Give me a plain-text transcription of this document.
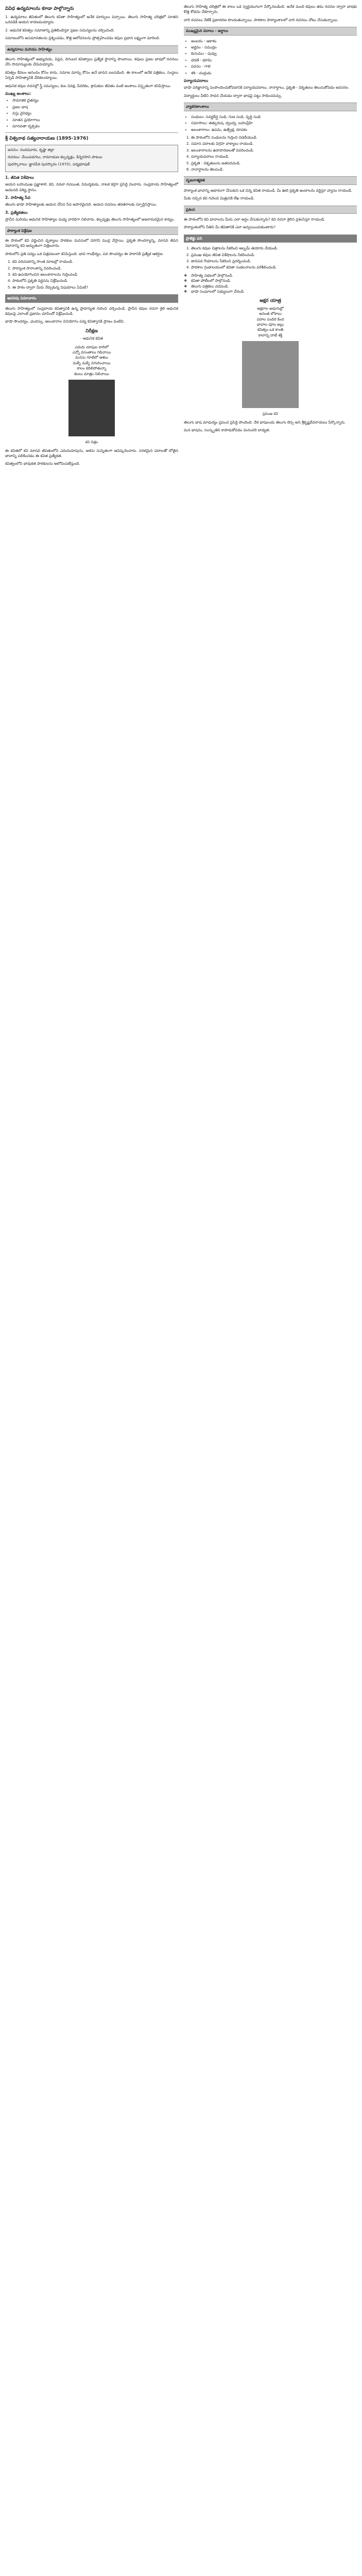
వివిధ ఉద్యమాలను కూడా పాల్గొన్నారు

1. ఉద్యమాలు జీవితంలో తెలుగు కవితా సాహిత్యంలో అనేక మార్పులు వచ్చాయి. తెలుగు సాహిత్య చరిత్రలో నూతన ఒరవడికి ఆయన కారణమయ్యారు.

2. ఆధునిక కవిత్వం సమాజాన్ని ప్రతిబింబిస్తూ ప్రజల సమస్యలను చర్చించింది.

సమాజంలోని అసమానతలను ప్రశ్నించడం, కొత్త ఆలోచనలను ప్రోత్సహించడం కవుల ప్రధాన లక్ష్యంగా మారింది.

ఉద్యమాలు మరియు సాహిత్యం

తెలుగు సాహిత్యంలో అభ్యుదయ, విప్లవ, దిగంబర కవిత్వాలు ప్రత్యేక స్థానాన్ని పొందాయి. కవులు ప్రజల భాషలో రచనలు చేసి సామాన్యులకు చేరువయ్యారు.

కవిత్వం కేవలం ఆనందం కోసం కాదు, సమాజ మార్పు కోసం అనే భావన బలపడింది. ఈ కాలంలో అనేక పత్రికలు, సంస్థలు ఏర్పడి సాహిత్యానికి వేదికలయ్యాయి.

ఆధునిక కవుల రచనల్లో స్త్రీ సమస్యలు, కుల వివక్ష, పేదరికం, శ్రామికుల జీవితం వంటి అంశాలు విస్తృతంగా కనిపిస్తాయి.

ముఖ్య అంశాలు:
• సామాజిక చైతన్యం
• ప్రజల భాష
• వస్తు వైవిధ్యం
• నూతన ప్రయోగాలు
• మానవతా దృక్పథం
శ్రీ విశ్వనాథ సత్యనారాయణ (1895-1976)
జననం: నందమూరు, కృష్ణా జిల్లా
రచనలు: వేయిపడగలు, రామాయణ కల్పవృక్షం, కిన్నెరసాని పాటలు
పురస్కారాలు: జ్ఞానపీఠ పురస్కారం (1970), పద్మభూషణ్
1. జీవిత విశేషాలు

ఆయన బహుముఖ ప్రజ్ఞాశాలి. కవి, నవలా రచయిత, విమర్శకుడు, నాటక కర్తగా ప్రసిద్ధి చెందారు. సంప్రదాయ సాహిత్యంలో ఆయనది విశిష్ట స్థానం.

2. సాహిత్య సేవ

తెలుగు భాషా సాహిత్యాలకు ఆయన చేసిన సేవ అపారమైనది. ఆయన రచనలు తరతరాలకు స్ఫూర్తినిస్తాయి.

3. ప్రత్యేకతలు

ప్రాచీన మరియు ఆధునిక సాహిత్యాల మధ్య వారధిగా నిలిచారు. కల్పవృక్షం తెలుగు సాహిత్యంలో అజరామరమైన కావ్యం.

పాఠ్యాంశ విశ్లేషణ

ఈ పాఠంలో కవి వర్ణించిన దృశ్యాలు పాఠకుల మనసులో చెరగని ముద్ర వేస్తాయి. ప్రకృతి సౌందర్యాన్ని, మానవ జీవన విధానాన్ని కవి అద్భుతంగా చిత్రించారు.

పాఠంలోని ప్రతి పద్యం ఒక చిత్రపటంలా కనిపిస్తుంది. భావ గాంభీర్యం, పద సౌందర్యం ఈ పాఠానికి ప్రత్యేక ఆకర్షణ.

1. కవి పరిచయాన్ని సొంత మాటల్లో రాయండి.
2. పాఠ్యాంశ సారాంశాన్ని వివరించండి.
3. కవి ఉపయోగించిన అలంకారాలను గుర్తించండి.
4. పాఠంలోని ప్రకృతి వర్ణనను విశ్లేషించండి.
5. ఈ పాఠం ద్వారా మీరు నేర్చుకున్న విషయాలు ఏమిటి?
అదనపు సమాచారం

తెలుగు సాహిత్యంలో సంప్రదాయ కవిత్వానికి ఉన్న ప్రాధాన్యత గురించి చర్చించండి. ప్రాచీన కవుల రచనా శైలి ఆధునిక కవులపై ఎలాంటి ప్రభావం చూపిందో విశ్లేషించండి.

భాషా సౌందర్యం, ఛందస్సు, అలంకారాల వినియోగం పద్య కవిత్వానికి ప్రాణం వంటివి.

నిరీక్షణ
- ఆధునిక కవిత
ఎదురు చూపుల దారిలో
ఎన్నో వసంతాలు గడిచాయి
మనసు గూటిలో ఆశలు
మళ్ళీ మళ్ళీ చిగురించాయి
కాలం కదిలిపోతున్నా
కలలు మాత్రం నిలిచాయి
కవి చిత్రం

ఈ కవితలో కవి మానవ జీవితంలోని ఎదురుచూపును, ఆశను సున్నితంగా ఆవిష్కరించారు. సరళమైన పదాలతో లోతైన భావాన్ని పలికించడం ఈ కవిత ప్రత్యేకత.

కవిత్వంలోని భావుకత పాఠకులను ఆలోచింపజేస్తుంది.

తెలుగు సాహిత్య చరిత్రలో ఈ కాలం ఒక స్వర్ణయుగంగా పేర్కొనబడింది. అనేక మంది కవులు తమ రచనల ద్వారా భాషకు కొత్త శోభను చేకూర్చారు.

వారి రచనలు నేటికీ ప్రజాదరణ పొందుతున్నాయి. పాఠశాల పాఠ్యాంశాలలో వారి రచనలు చోటు చేసుకున్నాయి.

ముఖ్యమైన పదాలు - అర్థాలు
• అంబరం - ఆకాశం
• అర్ణవం - సముద్రం
• కుసుమం - పువ్వు
• ధరణి - భూమి
• పవనం - గాలి
• శశి - చంద్రుడు
పర్యాయపదాలు

భాషా పరిజ్ఞానాన్ని పెంపొందించుకోవడానికి పర్యాయపదాలు, నానార్థాలు, ప్రకృతి - వికృతులు తెలుసుకోవడం అవసరం.

విద్యార్థులు వీటిని సాధన చేయడం ద్వారా భాషపై పట్టు సాధించవచ్చు.

వ్యాకరణాంశాలు
• సంధులు: సవర్ణదీర్ఘ సంధి, గుణ సంధి, వృద్ధి సంధి
• సమాసాలు: తత్పురుష, ద్వంద్వ, బహువ్రీహి
• అలంకారాలు: ఉపమ, ఉత్ప్రేక్ష, రూపకం
1. ఈ పాఠంలోని సంధులను గుర్తించి విడదీయండి.
2. సమాస పదాలకు విగ్రహ వాక్యాలు రాయండి.
3. అలంకారాలను ఉదాహరణలతో వివరించండి.
4. పర్యాయపదాలు రాయండి.
5. ప్రకృతి - వికృతులను జతపరచండి.
6. నానార్థాలను తెలపండి.
సృజనాత్మకత

పాఠ్యాంశ భావాన్ని ఆధారంగా చేసుకుని ఒక చిన్న కవిత రాయండి. మీ ఊరి ప్రకృతి అందాలను వర్ణిస్తూ వ్యాసం రాయండి.

మీకు నచ్చిన కవి గురించి మిత్రునికి లేఖ రాయండి.

ప్రశంస

ఈ పాఠంలోని కవి భావాలను మీరు ఎలా అర్థం చేసుకున్నారు? కవి రచనా శైలిని ప్రశంసిస్తూ రాయండి.

పాఠ్యాంశంలోని నీతిని మీ జీవితానికి ఎలా అన్వయించుకుంటారు?

ప్రాజెక్టు పని
1. తెలుగు కవుల చిత్రాలను సేకరించి ఆల్బమ్ తయారు చేయండి.
2. ప్రముఖ కవుల జీవిత విశేషాలను సేకరించండి.
3. జానపద గేయాలను సేకరించి ప్రదర్శించండి.
4. పాఠశాల గ్రంథాలయంలో కవితా సంకలనాలను పరిశీలించండి.
❖	సాహిత్య సభలలో పాల్గొనండి.
❖	కవితా పోటీలలో పాల్గొనండి.
❖	తెలుగు పత్రికలు చదవండి.
❖	భాషా సంఘాలలో సభ్యులుగా చేరండి.
అక్షర యాత్ర
అక్షరాల అడుగుల్లో
అనంత లోకాలు
పదాల పందిరి కింద
భావాల పూల జల్లు
కవిత్వం ఒక కాంతి
కాలాన్ని దాటే శక్తి
ప్రముఖ కవి

తెలుగు భాష మాధుర్యం ప్రపంచ ప్రసిద్ధి పొందింది. దేశ భాషలందు తెలుగు లెస్స అని శ్రీకృష్ణదేవరాయలు పేర్కొన్నారు.

మన భాషను, సంస్కృతిని కాపాడుకోవడం మనందరి బాధ్యత.
